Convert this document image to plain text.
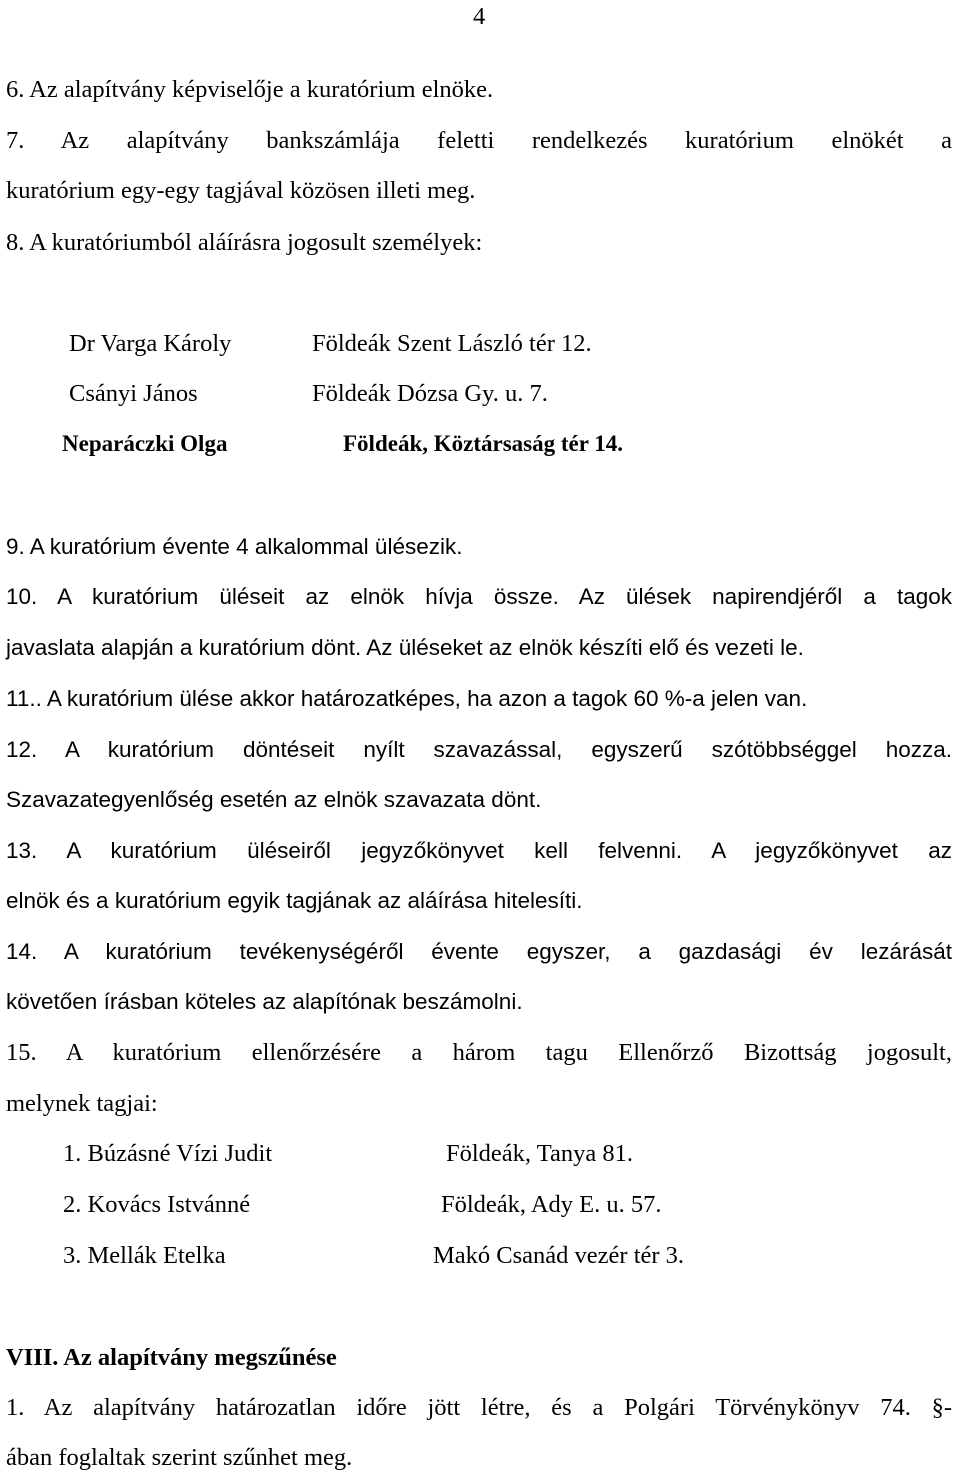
4
6. Az alapítvány képviselője a kuratórium elnöke.
7. Az alapítvány bankszámlája feletti rendelkezés kuratórium elnökét a
kuratórium egy-egy tagjával közösen illeti meg.
8. A kuratóriumból aláírásra jogosult személyek:
Dr Varga Károly	Földeák Szent László tér 12.
Csányi János	Földeák Dózsa Gy. u. 7.
Neparáczki Olga	Földeák, Köztársaság tér 14.
9. A kuratórium évente 4 alkalommal ülésezik.
10. A kuratórium üléseit az elnök hívja össze. Az ülések napirendjéről a tagok
javaslata alapján a kuratórium dönt. Az üléseket az elnök készíti elő és vezeti le.
11.. A kuratórium ülése akkor határozatképes, ha azon a tagok 60 %-a jelen van.
12. A kuratórium döntéseit nyílt szavazással, egyszerű szótöbbséggel hozza.
Szavazategyenlőség esetén az elnök szavazata dönt.
13. A kuratórium üléseiről jegyzőkönyvet kell felvenni. A jegyzőkönyvet az
elnök és a kuratórium egyik tagjának az aláírása hitelesíti.
14. A kuratórium tevékenységéről évente egyszer, a gazdasági év lezárását
követően írásban köteles az alapítónak beszámolni.
15. A kuratórium ellenőrzésére a három tagu Ellenőrző Bizottság jogosult,
melynek tagjai:
1. Búzásné Vízi Judit	Földeák, Tanya 81.
2. Kovács Istvánné	Földeák, Ady E. u. 57.
3. Mellák Etelka	Makó Csanád vezér tér 3.
VIII. Az alapítvány megszűnése
1. Az alapítvány határozatlan időre jött létre, és a Polgári Törvénykönyv 74. §-
ában foglaltak szerint szűnhet meg.
